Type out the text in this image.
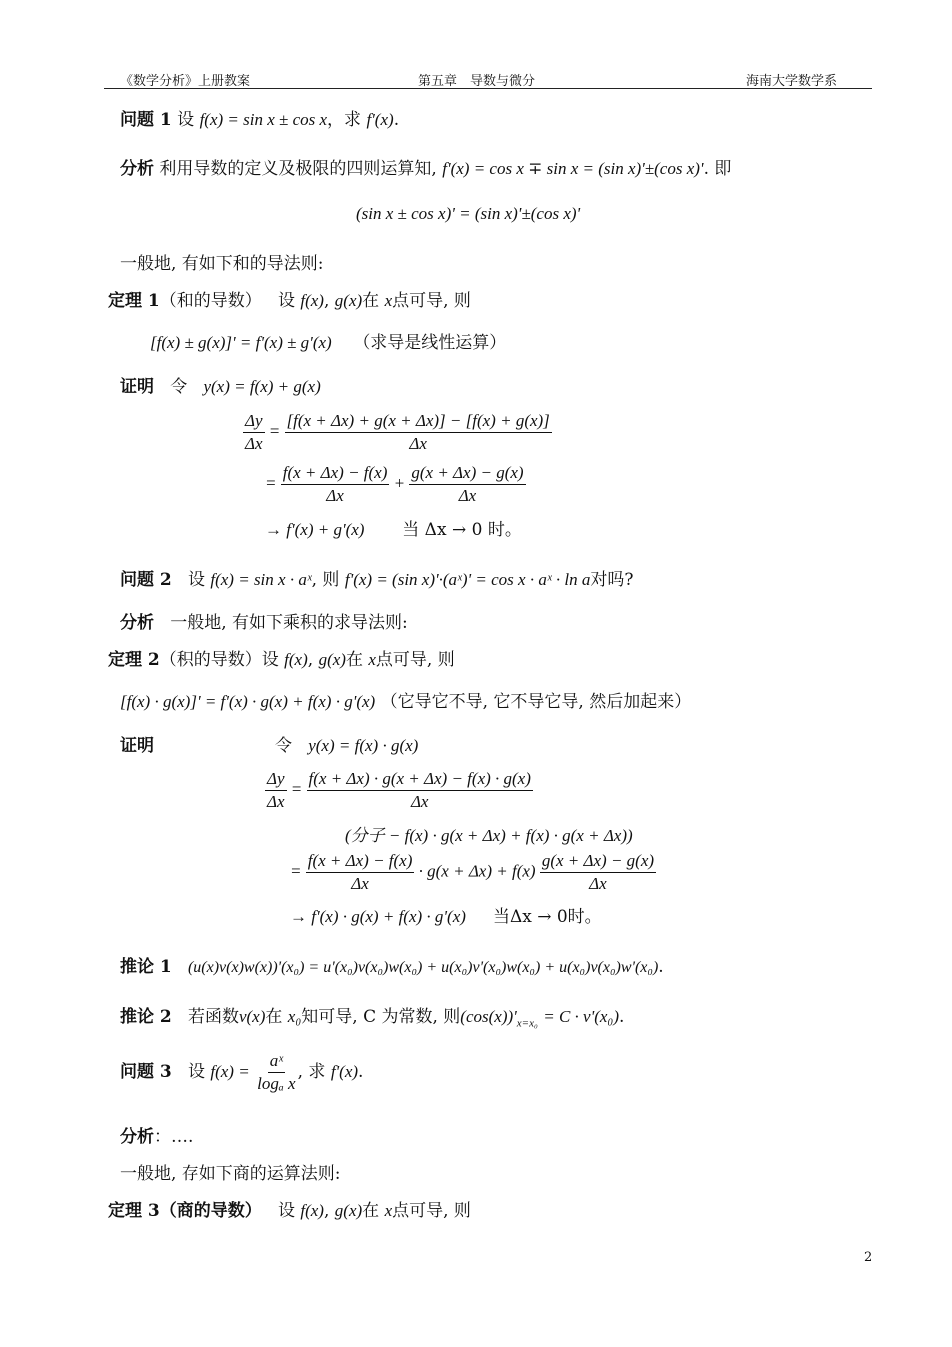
《数学分析》上册教案	第五章　导数与微分	海南大学数学系
问题 1 设 f(x) = sin x ± cos x，求 f'(x).
分析 利用导数的定义及极限的四则运算知, f'(x) = cos x ∓ sin x = (sin x)'±(cos x)'. 即
(sin x ± cos x)' = (sin x)'±(cos x)'
一般地, 有如下和的导法则:
定理 1（和的导数） 设 f(x), g(x)在 x点可导, 则
[f(x) ± g(x)]' = f'(x) ± g'(x) （求导是线性运算）
证明 令 y(x) = f(x) + g(x)
$\frac{\Delta y}{\Delta x} = \frac{[f(x + \Delta x) + g(x + \Delta x)] - [f(x) + g(x)]}{\Delta x}$
= $\frac{f(x + \Delta x) - f(x)}{\Delta x} + \frac{g(x + \Delta x) - g(x)}{\Delta x}$
→ f'(x) + g'(x) 当 Δx → 0 时。
问题 2 设 f(x) = sin x · aˣ, 则 f'(x) = (sin x)'·(aˣ)' = cos x · aˣ · ln a对吗?
分析 一般地, 有如下乘积的求导法则:
定理 2（积的导数）设 f(x), g(x)在 x点可导, 则
[f(x) · g(x)]' = f'(x) · g(x) + f(x) · g'(x) （它导它不导, 它不导它导, 然后加起来）
证明	令 y(x) = f(x) · g(x)
$\frac{\Delta y}{\Delta x} = \frac{f(x + \Delta x) \cdot g(x + \Delta x) - f(x) \cdot g(x)}{\Delta x}$
(分子 − f(x) · g(x + Δx) + f(x) · g(x + Δx))
= $\frac{f(x + \Delta x) - f(x)}{\Delta x} \cdot g(x + \Delta x) + f(x) \frac{g(x + \Delta x) - g(x)}{\Delta x}$
→ f'(x) · g(x) + f(x) · g'(x) 当Δx → 0时。
推论 1 (u(x)v(x)w(x))'(x₀) = u'(x₀)v(x₀)w(x₀) + u(x₀)v'(x₀)w(x₀) + u(x₀)v(x₀)w'(x₀).
推论 2 若函数v(x)在 x₀知可导, C 为常数, 则$(\cos(x))'_{x=x_0} = C \cdot v'(x_0)$.
问题 3 设 $f(x) = \frac{\text{aˣ}}{\text{logₐ x}}$ , 求 f'(x).
分析：….
一般地, 存如下商的运算法则:
定理 3（商的导数） 设 f(x), g(x)在 x点可导, 则
2
